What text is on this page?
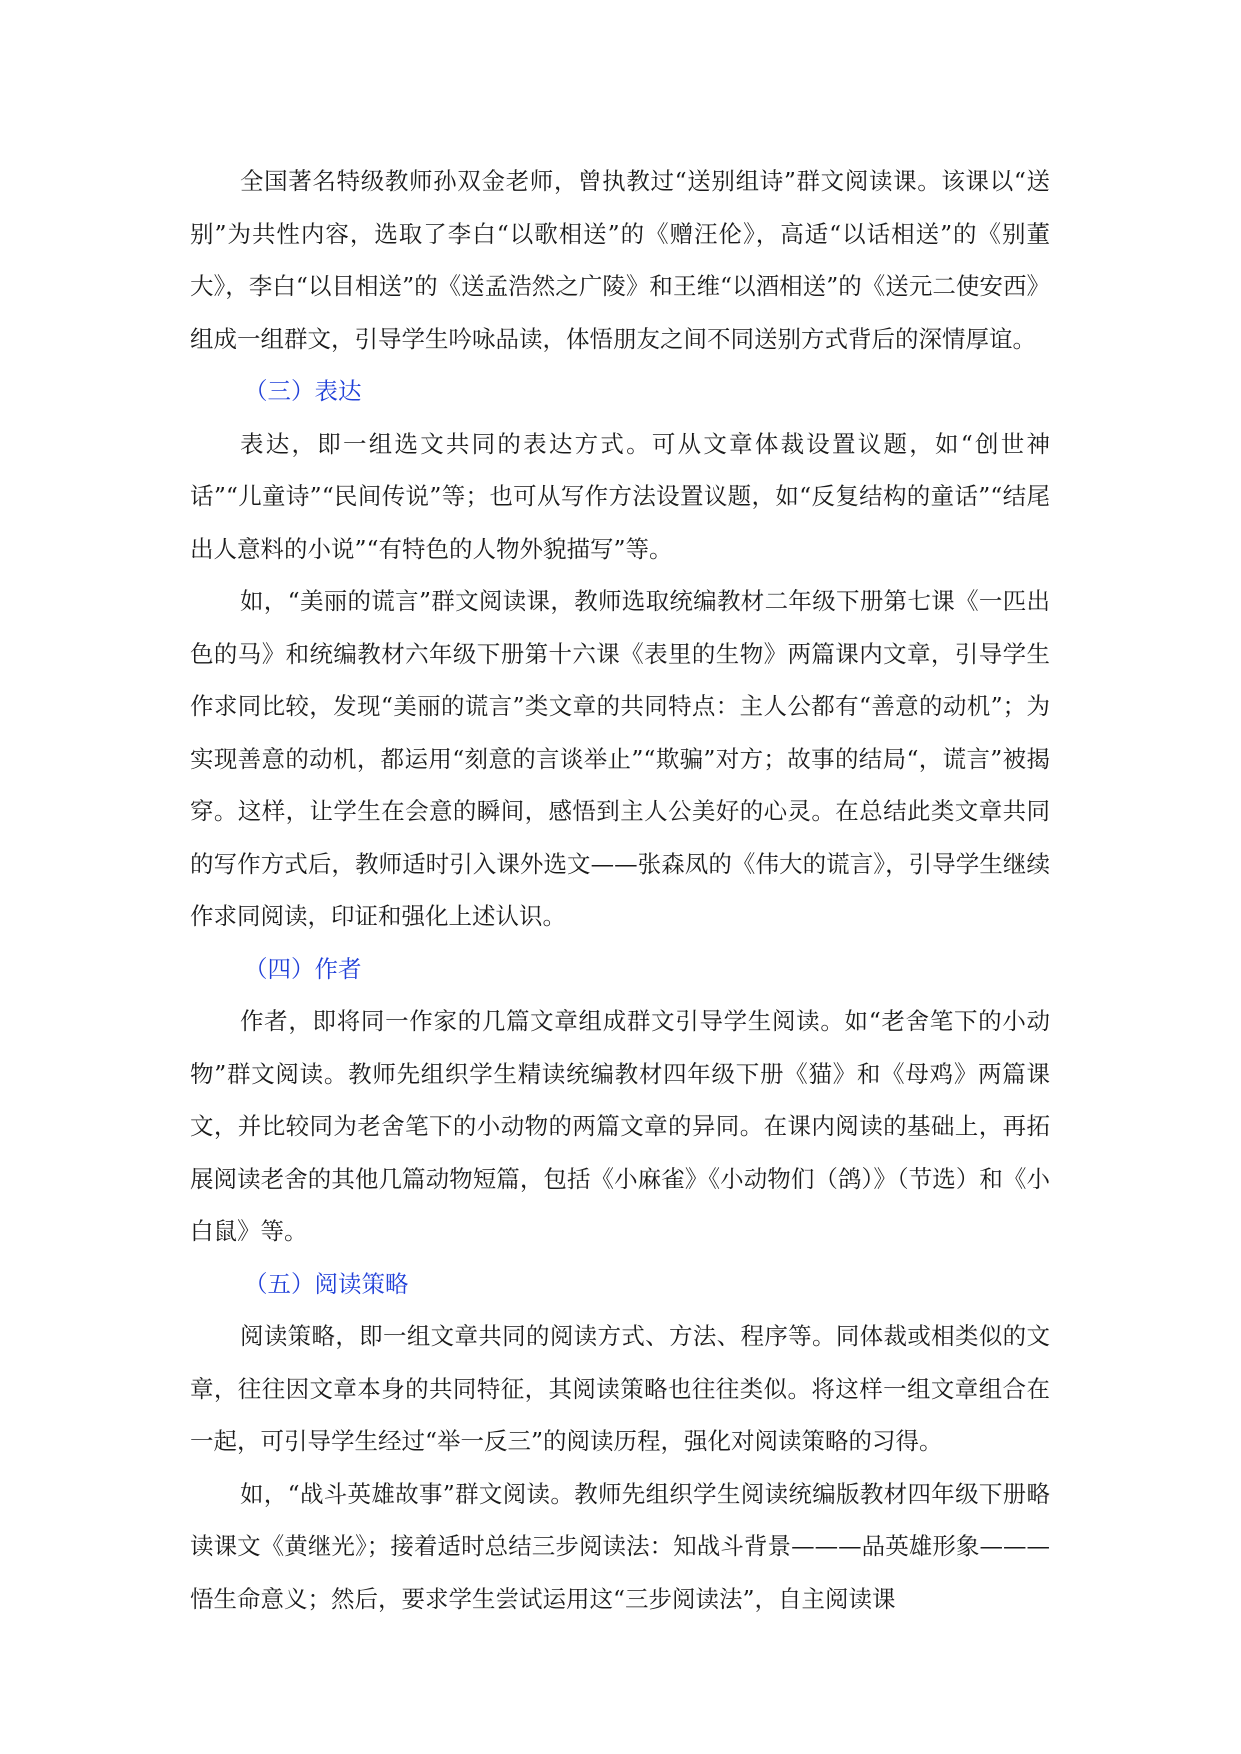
全国著名特级教师孙双金老师，曾执教过“送别组诗”群文阅读课。该课以“送别”为共性内容，选取了李白“以歌相送”的《赠汪伦》，高适“以话相送”的《别董大》，李白“以目相送”的《送孟浩然之广陵》和王维“以酒相送”的《送元二使安西》组成一组群文，引导学生吟咏品读，体悟朋友之间不同送别方式背后的深情厚谊。

（三）表达

表达，即一组选文共同的表达方式。可从文章体裁设置议题，如“创世神话”“儿童诗”“民间传说”等；也可从写作方法设置议题，如“反复结构的童话”“结尾出人意料的小说”“有特色的人物外貌描写”等。

如，“美丽的谎言”群文阅读课，教师选取统编教材二年级下册第七课《一匹出色的马》和统编教材六年级下册第十六课《表里的生物》两篇课内文章，引导学生作求同比较，发现“美丽的谎言”类文章的共同特点：主人公都有“善意的动机”；为实现善意的动机，都运用“刻意的言谈举止”“欺骗”对方；故事的结局“，谎言”被揭穿。这样，让学生在会意的瞬间，感悟到主人公美好的心灵。在总结此类文章共同的写作方式后，教师适时引入课外选文——张森凤的《伟大的谎言》，引导学生继续作求同阅读，印证和强化上述认识。

（四）作者

作者，即将同一作家的几篇文章组成群文引导学生阅读。如“老舍笔下的小动物”群文阅读。教师先组织学生精读统编教材四年级下册《猫》和《母鸡》两篇课文，并比较同为老舍笔下的小动物的两篇文章的异同。在课内阅读的基础上，再拓展阅读老舍的其他几篇动物短篇，包括《小麻雀》《小动物们（鸽）》（节选）和《小白鼠》等。

（五）阅读策略

阅读策略，即一组文章共同的阅读方式、方法、程序等。同体裁或相类似的文章，往往因文章本身的共同特征，其阅读策略也往往类似。将这样一组文章组合在一起，可引导学生经过“举一反三”的阅读历程，强化对阅读策略的习得。

如，“战斗英雄故事”群文阅读。教师先组织学生阅读统编版教材四年级下册略读课文《黄继光》；接着适时总结三步阅读法：知战斗背景———品英雄形象———悟生命意义；然后，要求学生尝试运用这“三步阅读法”，自主阅读课
